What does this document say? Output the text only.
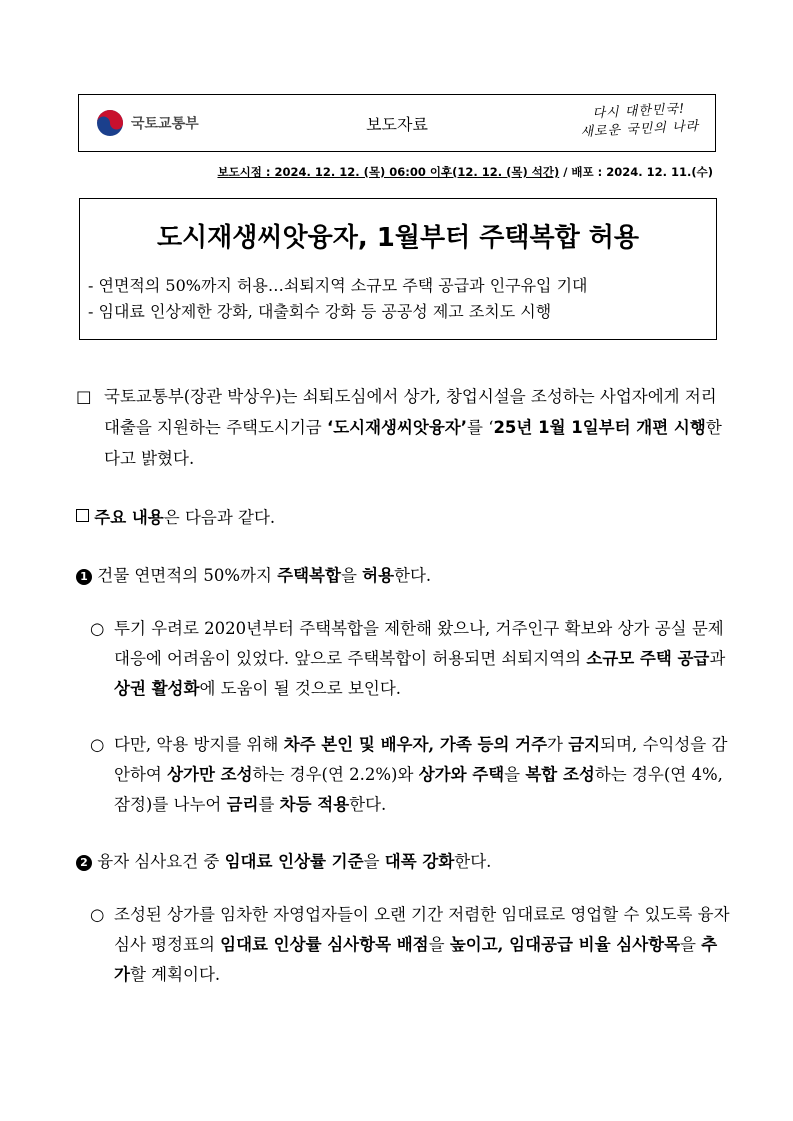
국토교통부	보도자료
다시 대한민국!
새로운 국민의 나라
보도시점 : 2024. 12. 12. (목) 06:00 이후(12. 12. (목) 석간) / 배포 : 2024. 12. 11.(수)
도시재생씨앗융자, 1월부터 주택복합 허용
- 연면적의 50%까지 허용…쇠퇴지역 소규모 주택 공급과 인구유입 기대
- 임대료 인상제한 강화, 대출회수 강화 등 공공성 제고 조치도 시행
□ 국토교통부(장관 박상우)는 쇠퇴도심에서 상가, 창업시설을 조성하는 사업자에게 저리 대출을 지원하는 주택도시기금 ‘도시재생씨앗융자’를 ‘25년 1월 1일부터 개편 시행한다고 밝혔다.
주요 내용은 다음과 같다.
1 건물 연면적의 50%까지 주택복합을 허용한다.
○ 투기 우려로 2020년부터 주택복합을 제한해 왔으나, 거주인구 확보와 상가 공실 문제 대응에 어려움이 있었다. 앞으로 주택복합이 허용되면 쇠퇴지역의 소규모 주택 공급과 상권 활성화에 도움이 될 것으로 보인다.
○ 다만, 악용 방지를 위해 차주 본인 및 배우자, 가족 등의 거주가 금지되며, 수익성을 감안하여 상가만 조성하는 경우(연 2.2%)와 상가와 주택을 복합 조성하는 경우(연 4%, 잠정)를 나누어 금리를 차등 적용한다.
2 융자 심사요건 중 임대료 인상률 기준을 대폭 강화한다.
○ 조성된 상가를 임차한 자영업자들이 오랜 기간 저렴한 임대료로 영업할 수 있도록 융자심사 평정표의 임대료 인상률 심사항목 배점을 높이고, 임대공급 비율 심사항목을 추가할 계획이다.
